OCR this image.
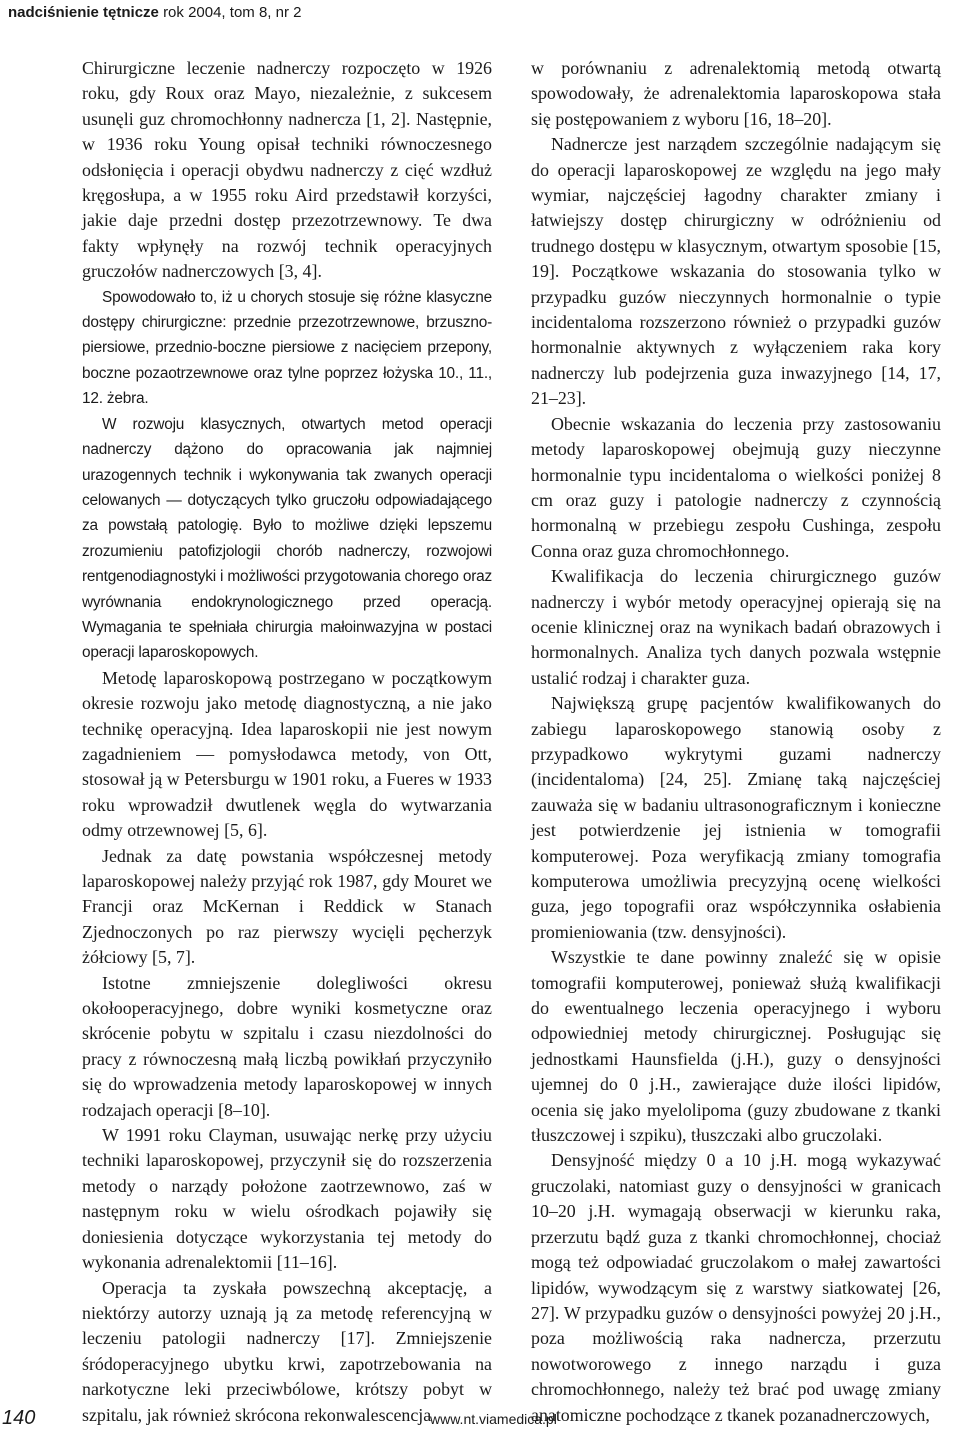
nadciśnienie tętnicze rok 2004, tom 8, nr 2

Chirurgiczne leczenie nadnerczy rozpoczęto w 1926 roku, gdy Roux oraz Mayo, niezależnie, z sukcesem usunęli guz chromochłonny nadnercza [1, 2]. Następnie, w 1936 roku Young opisał techniki równoczesnego odsłonięcia i operacji obydwu nadnerczy z cięć wzdłuż kręgosłupa, a w 1955 roku Aird przedstawił korzyści, jakie daje przedni dostęp przezotrzewnowy. Te dwa fakty wpłynęły na rozwój technik operacyjnych gruczołów nadnerczowych [3, 4].

Spowodowało to, iż u chorych stosuje się różne klasyczne dostępy chirurgiczne: przednie przezotrzewnowe, brzuszno-piersiowe, przednio-boczne piersiowe z nacięciem przepony, boczne pozaotrzewnowe oraz tylne poprzez łożyska 10., 11., 12. żebra.

W rozwoju klasycznych, otwartych metod operacji nadnerczy dążono do opracowania jak najmniej urazogennych technik i wykonywania tak zwanych operacji celowanych — dotyczących tylko gruczołu odpowiadającego za powstałą patologię. Było to możliwe dzięki lepszemu zrozumieniu patofizjologii chorób nadnerczy, rozwojowi rentgenodiagnostyki i możliwości przygotowania chorego oraz wyrównania endokrynologicznego przed operacją. Wymagania te spełniała chirurgia małoinwazyjna w postaci operacji laparoskopowych.

Metodę laparoskopową postrzegano w początkowym okresie rozwoju jako metodę diagnostyczną, a nie jako technikę operacyjną. Idea laparoskopii nie jest nowym zagadnieniem — pomysłodawca metody, von Ott, stosował ją w Petersburgu w 1901 roku, a Fueres w 1933 roku wprowadził dwutlenek węgla do wytwarzania odmy otrzewnowej [5, 6].

Jednak za datę powstania współczesnej metody laparoskopowej należy przyjąć rok 1987, gdy Mouret we Francji oraz McKernan i Reddick w Stanach Zjednoczonych po raz pierwszy wycięli pęcherzyk żółciowy [5, 7].

Istotne zmniejszenie dolegliwości okresu okołooperacyjnego, dobre wyniki kosmetyczne oraz skrócenie pobytu w szpitalu i czasu niezdolności do pracy z równoczesną małą liczbą powikłań przyczyniło się do wprowadzenia metody laparoskopowej w innych rodzajach operacji [8–10].

W 1991 roku Clayman, usuwając nerkę przy użyciu techniki laparoskopowej, przyczynił się do rozszerzenia metody o narządy położone zaotrzewnowo, zaś w następnym roku w wielu ośrodkach pojawiły się doniesienia dotyczące wykorzystania tej metody do wykonania adrenalektomii [11–16].

Operacja ta zyskała powszechną akceptację, a niektórzy autorzy uznają ją za metodę referencyjną w leczeniu patologii nadnerczy [17]. Zmniejszenie śródoperacyjnego ubytku krwi, zapotrzebowania na narkotyczne leki przeciwbólowe, krótszy pobyt w szpitalu, jak również skrócona rekonwalescencja

w porównaniu z adrenalektomią metodą otwartą spowodowały, że adrenalektomia laparoskopowa stała się postępowaniem z wyboru [16, 18–20].

Nadnercze jest narządem szczególnie nadającym się do operacji laparoskopowej ze względu na jego mały wymiar, najczęściej łagodny charakter zmiany i łatwiejszy dostęp chirurgiczny w odróżnieniu od trudnego dostępu w klasycznym, otwartym sposobie [15, 19]. Początkowe wskazania do stosowania tylko w przypadku guzów nieczynnych hormonalnie o typie incidentaloma rozszerzono również o przypadki guzów hormonalnie aktywnych z wyłączeniem raka kory nadnerczy lub podejrzenia guza inwazyjnego [14, 17, 21–23].

Obecnie wskazania do leczenia przy zastosowaniu metody laparoskopowej obejmują guzy nieczynne hormonalnie typu incidentaloma o wielkości poniżej 8 cm oraz guzy i patologie nadnerczy z czynnością hormonalną w przebiegu zespołu Cushinga, zespołu Conna oraz guza chromochłonnego.

Kwalifikacja do leczenia chirurgicznego guzów nadnerczy i wybór metody operacyjnej opierają się na ocenie klinicznej oraz na wynikach badań obrazowych i hormonalnych. Analiza tych danych pozwala wstępnie ustalić rodzaj i charakter guza.

Największą grupę pacjentów kwalifikowanych do zabiegu laparoskopowego stanowią osoby z przypadkowo wykrytymi guzami nadnerczy (incidentaloma) [24, 25]. Zmianę taką najczęściej zauważa się w badaniu ultrasonograficznym i konieczne jest potwierdzenie jej istnienia w tomografii komputerowej. Poza weryfikacją zmiany tomografia komputerowa umożliwia precyzyjną ocenę wielkości guza, jego topografii oraz współczynnika osłabienia promieniowania (tzw. densyjności).

Wszystkie te dane powinny znaleźć się w opisie tomografii komputerowej, ponieważ służą kwalifikacji do ewentualnego leczenia operacyjnego i wyboru odpowiedniej metody chirurgicznej. Posługując się jednostkami Haunsfielda (j.H.), guzy o densyjności ujemnej do 0 j.H., zawierające duże ilości lipidów, ocenia się jako myelolipoma (guzy zbudowane z tkanki tłuszczowej i szpiku), tłuszczaki albo gruczolaki.

Densyjność między 0 a 10 j.H. mogą wykazywać gruczolaki, natomiast guzy o densyjności w granicach 10–20 j.H. wymagają obserwacji w kierunku raka, przerzutu bądź guza z tkanki chromochłonnej, chociaż mogą też odpowiadać gruczolakom o małej zawartości lipidów, wywodzącym się z warstwy siatkowatej [26, 27]. W przypadku guzów o densyjności powyżej 20 j.H., poza możliwością raka nadnercza, przerzutu nowotworowego z innego narządu i guza chromochłonnego, należy też brać pod uwagę zmiany anatomiczne pochodzące z tkanek pozanadnerczowych,

140	www.nt.viamedica.pl
